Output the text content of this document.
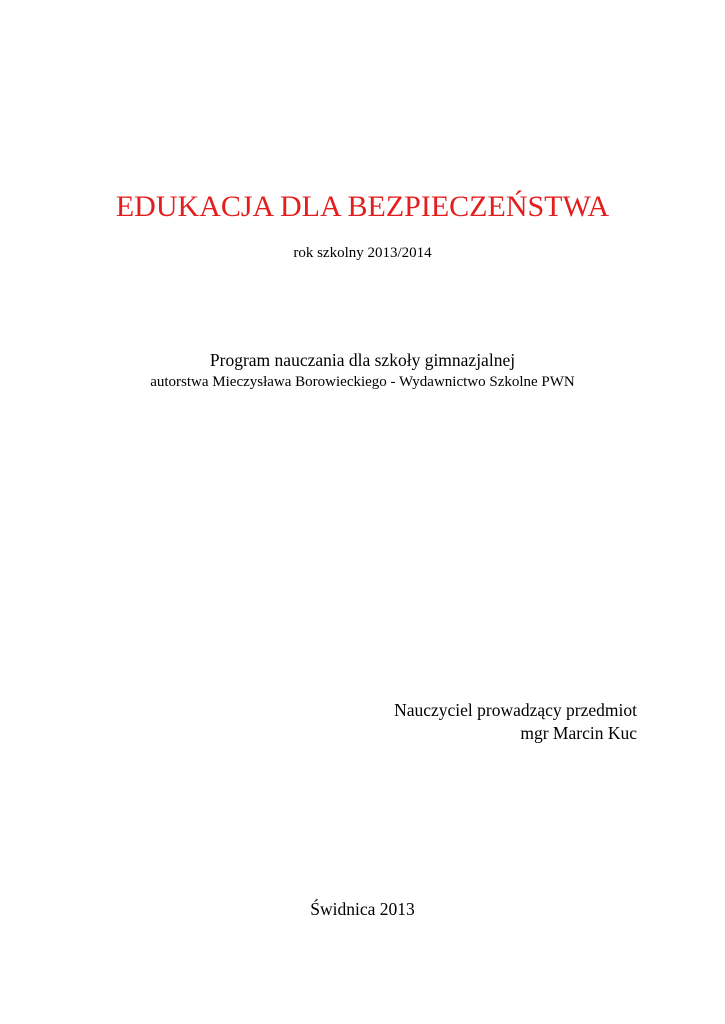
EDUKACJA DLA BEZPIECZEŃSTWA
rok szkolny 2013/2014
Program nauczania dla szkoły gimnazjalnej
autorstwa Mieczysława Borowieckiego - Wydawnictwo Szkolne PWN
Nauczyciel prowadzący przedmiot
mgr Marcin Kuc
Świdnica 2013
